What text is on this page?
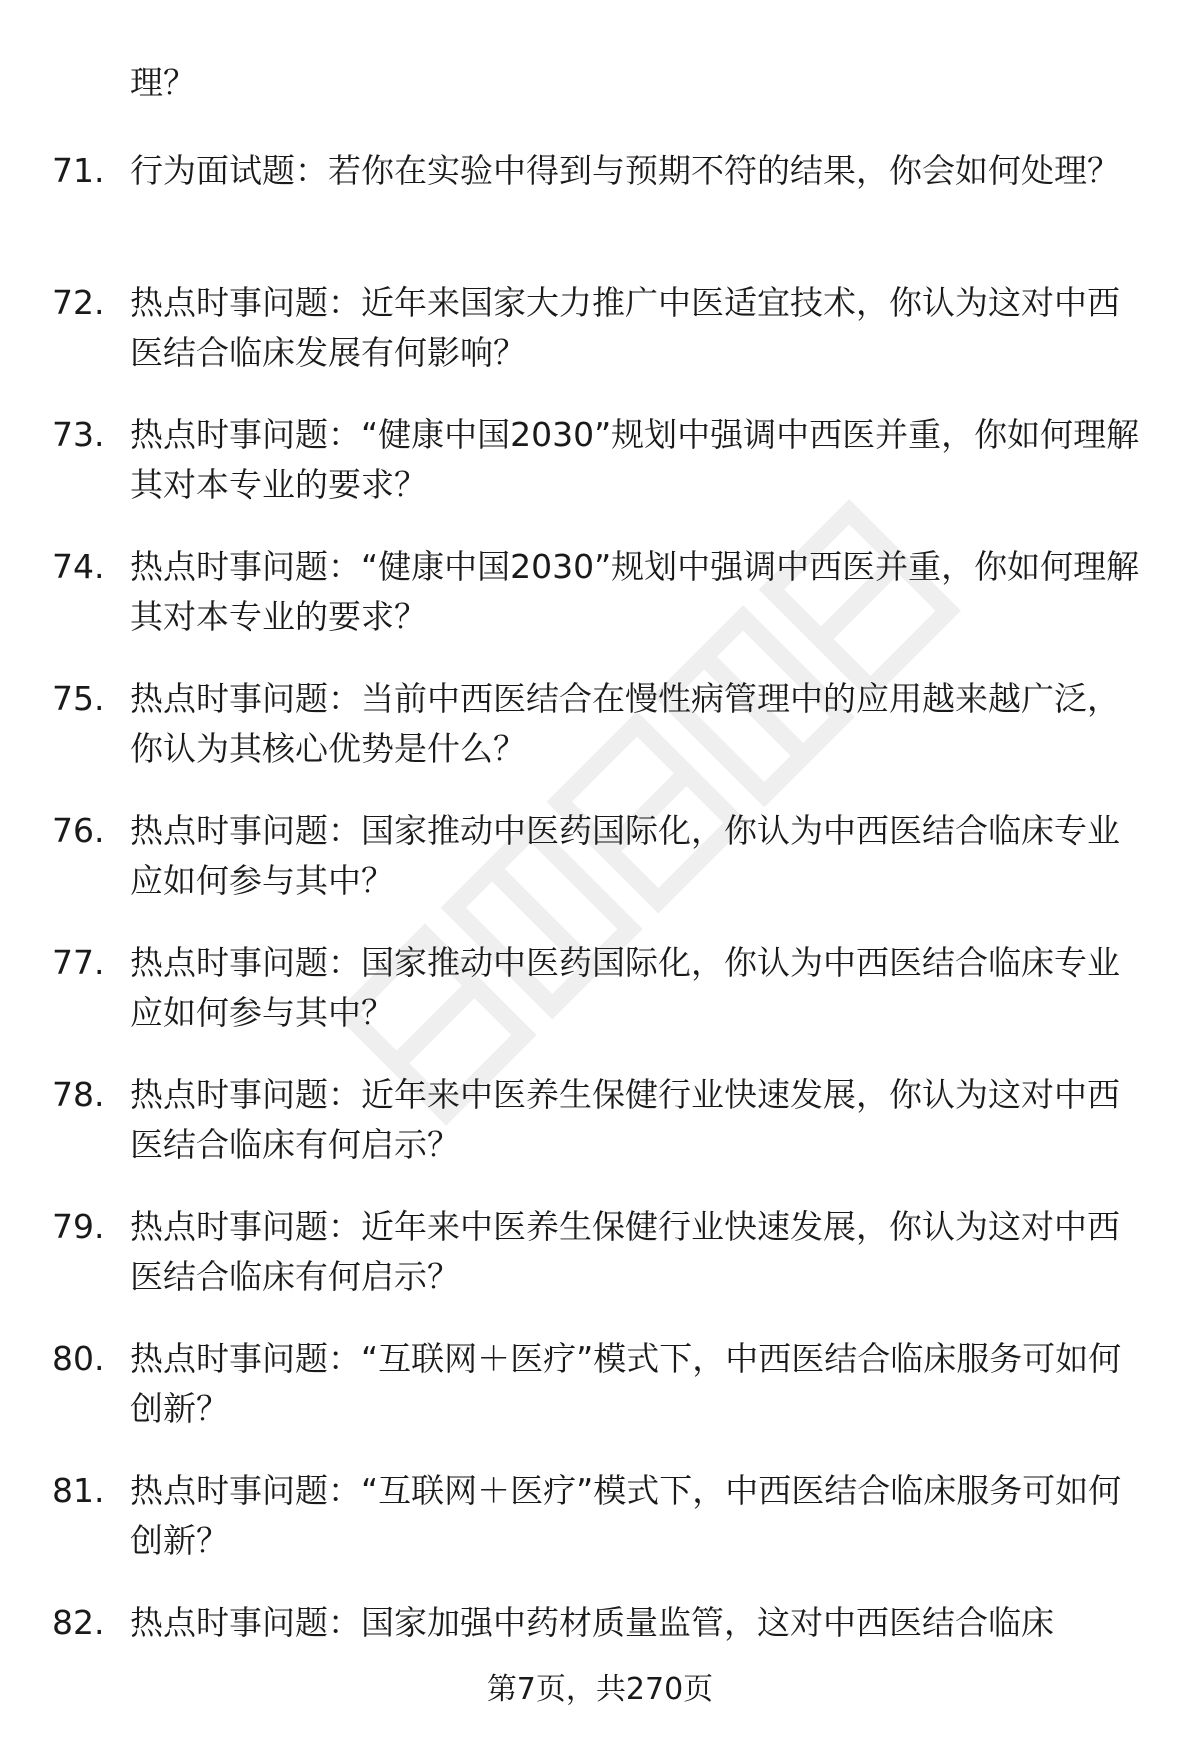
理？

71. 行为面试题：若你在实验中得到与预期不符的结果，你会如何处理？
72. 热点时事问题：近年来国家大力推广中医适宜技术，你认为这对中西医结合临床发展有何影响？
73. 热点时事问题：“健康中国2030”规划中强调中西医并重，你如何理解其对本专业的要求？
74. 热点时事问题：“健康中国2030”规划中强调中西医并重，你如何理解其对本专业的要求？
75. 热点时事问题：当前中西医结合在慢性病管理中的应用越来越广泛，你认为其核心优势是什么？
76. 热点时事问题：国家推动中医药国际化，你认为中西医结合临床专业应如何参与其中？
77. 热点时事问题：国家推动中医药国际化，你认为中西医结合临床专业应如何参与其中？
78. 热点时事问题：近年来中医养生保健行业快速发展，你认为这对中西医结合临床有何启示？
79. 热点时事问题：近年来中医养生保健行业快速发展，你认为这对中西医结合临床有何启示？
80. 热点时事问题：“互联网＋医疗”模式下，中西医结合临床服务可如何创新？
81. 热点时事问题：“互联网＋医疗”模式下，中西医结合临床服务可如何创新？
82. 热点时事问题：国家加强中药材质量监管，这对中西医结合临床
第7页，共270页
